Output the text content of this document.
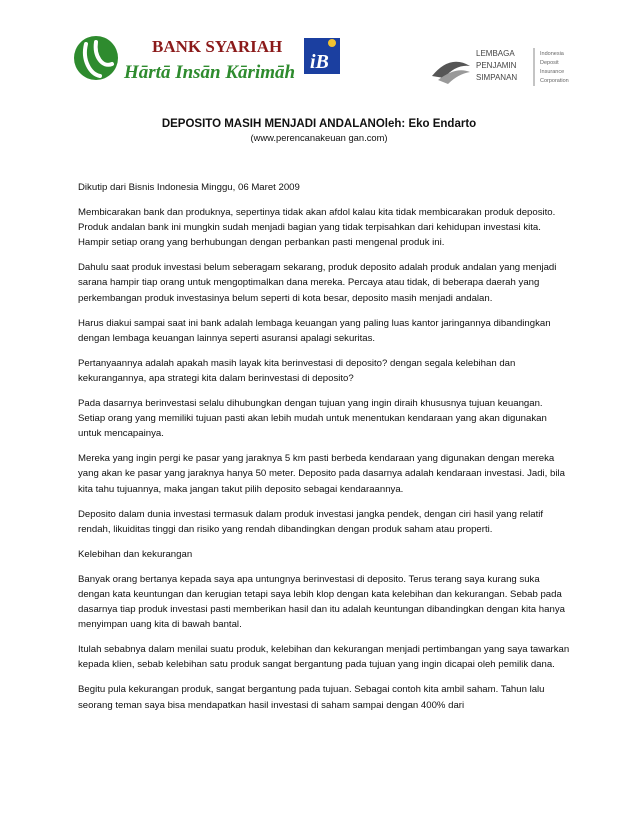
BANK SYARIAH
Hārtā Insān Kārimāh iB	LEMBAGA
PENJAMIN
SIMPANAN
Indonesia
Deposit
Insurance
Corporation
DEPOSITO MASIH MENJADI ANDALANOleh: Eko Endarto
(www.perencanakeuan gan.com)

Dikutip dari Bisnis Indonesia Minggu, 06 Maret 2009

Membicarakan bank dan produknya, sepertinya tidak akan afdol kalau kita tidak membicarakan produk deposito. Produk andalan bank ini mungkin sudah menjadi bagian yang tidak terpisahkan dari kehidupan investasi kita. Hampir setiap orang yang berhubungan dengan perbankan pasti mengenal produk ini.

Dahulu saat produk investasi belum seberagam sekarang, produk deposito adalah produk andalan yang menjadi sarana hampir tiap orang untuk mengoptimalkan dana mereka. Percaya atau tidak, di beberapa daerah yang perkembangan produk investasinya belum seperti di kota besar, deposito masih menjadi andalan.

Harus diakui sampai saat ini bank adalah lembaga keuangan yang paling luas kantor jaringannya dibandingkan dengan lembaga keuangan lainnya seperti asuransi apalagi sekuritas.

Pertanyaannya adalah apakah masih layak kita berinvestasi di deposito? dengan segala kelebihan dan kekurangannya, apa strategi kita dalam berinvestasi di deposito?

Pada dasarnya berinvestasi selalu dihubungkan dengan tujuan yang ingin diraih khususnya tujuan keuangan. Setiap orang yang memiliki tujuan pasti akan lebih mudah untuk menentukan kendaraan yang akan digunakan untuk mencapainya.

Mereka yang ingin pergi ke pasar yang jaraknya 5 km pasti berbeda kendaraan yang digunakan dengan mereka yang akan ke pasar yang jaraknya hanya 50 meter. Deposito pada dasarnya adalah kendaraan investasi. Jadi, bila kita tahu tujuannya, maka jangan takut pilih deposito sebagai kendaraannya.

Deposito dalam dunia investasi termasuk dalam produk investasi jangka pendek, dengan ciri hasil yang relatif rendah, likuiditas tinggi dan risiko yang rendah dibandingkan dengan produk saham atau properti.

Kelebihan dan kekurangan

Banyak orang bertanya kepada saya apa untungnya berinvestasi di deposito. Terus terang saya kurang suka dengan kata keuntungan dan kerugian tetapi saya lebih klop dengan kata kelebihan dan kekurangan. Sebab pada dasarnya tiap produk investasi pasti memberikan hasil dan itu adalah keuntungan dibandingkan dengan kita hanya menyimpan uang kita di bawah bantal.

Itulah sebabnya dalam menilai suatu produk, kelebihan dan kekurangan menjadi pertimbangan yang saya tawarkan kepada klien, sebab kelebihan satu produk sangat bergantung pada tujuan yang ingin dicapai oleh pemilik dana.

Begitu pula kekurangan produk, sangat bergantung pada tujuan. Sebagai contoh kita ambil saham. Tahun lalu seorang teman saya bisa mendapatkan hasil investasi di saham sampai dengan 400% dari
